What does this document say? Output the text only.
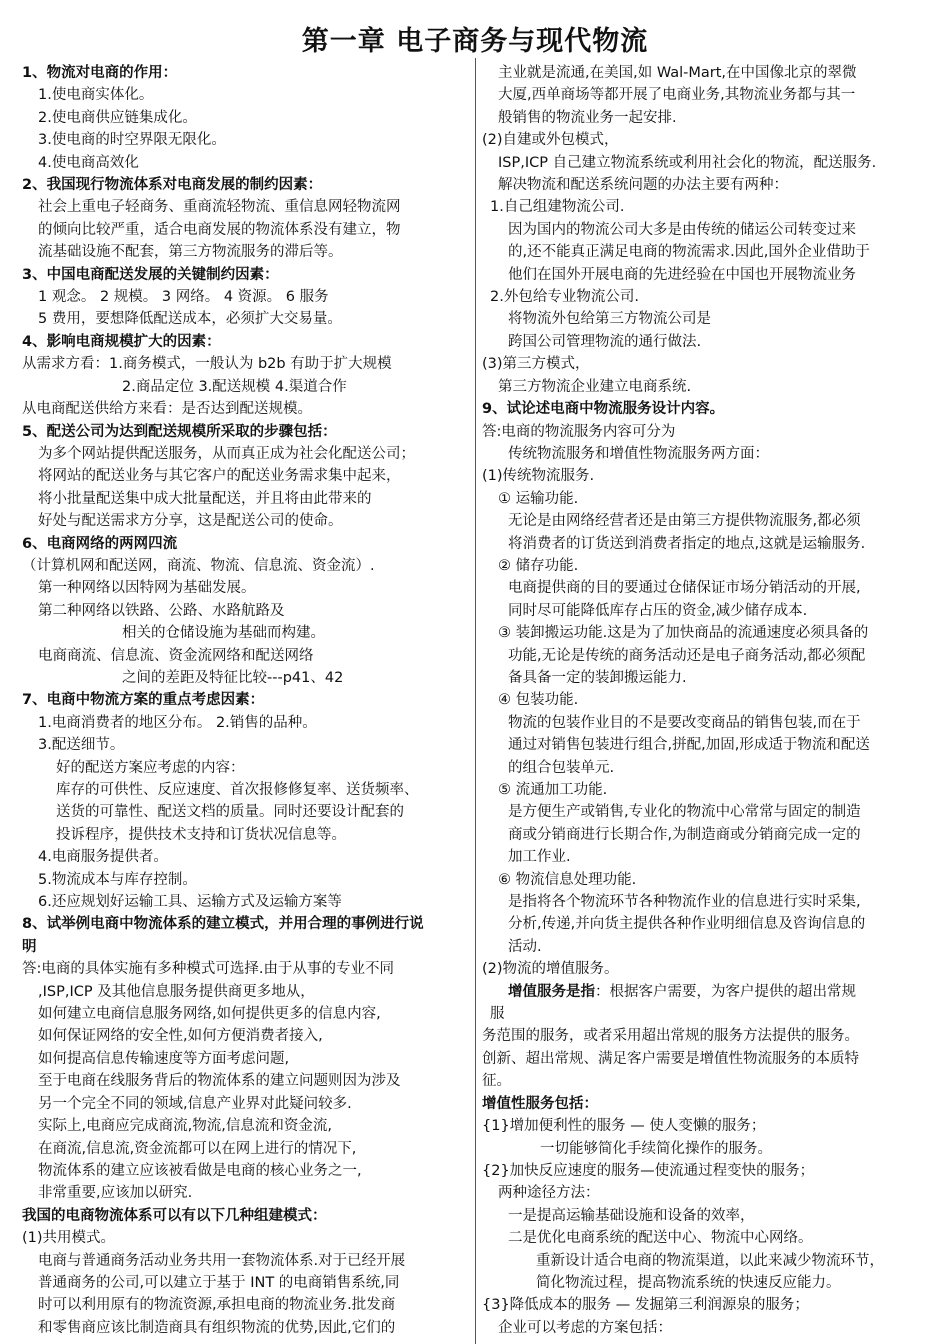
第一章 电子商务与现代物流
1、物流对电商的作用：
1.使电商实体化。
2.使电商供应链集成化。
3.使电商的时空界限无限化。
4.使电商高效化
2、我国现行物流体系对电商发展的制约因素：
社会上重电子轻商务、重商流轻物流、重信息网轻物流网
的倾向比较严重，适合电商发展的物流体系没有建立，物
流基础设施不配套，第三方物流服务的滞后等。
3、中国电商配送发展的关键制约因素：
1 观念。 2 规模。 3 网络。 4 资源。 6 服务
5 费用，要想降低配送成本，必须扩大交易量。
4、影响电商规模扩大的因素：
从需求方看：1.商务模式，一般认为 b2b 有助于扩大规模
2.商品定位 3.配送规模 4.渠道合作
从电商配送供给方来看：是否达到配送规模。
5、配送公司为达到配送规模所采取的步骤包括：
为多个网站提供配送服务，从而真正成为社会化配送公司；
将网站的配送业务与其它客户的配送业务需求集中起来，
将小批量配送集中成大批量配送，并且将由此带来的
好处与配送需求方分享，这是配送公司的使命。
6、电商网络的两网四流
（计算机网和配送网，商流、物流、信息流、资金流）.
第一种网络以因特网为基础发展。
第二种网络以铁路、公路、水路航路及
相关的仓储设施为基础而构建。
电商商流、信息流、资金流网络和配送网络
之间的差距及特征比较---p41、42
7、电商中物流方案的重点考虑因素：
1.电商消费者的地区分布。 2.销售的品种。
3.配送细节。
好的配送方案应考虑的内容：
库存的可供性、反应速度、首次报修修复率、送货频率、
送货的可靠性、配送文档的质量。同时还要设计配套的
投诉程序，提供技术支持和订货状况信息等。
4.电商服务提供者。
5.物流成本与库存控制。
6.还应规划好运输工具、运输方式及运输方案等
8、试举例电商中物流体系的建立模式，并用合理的事例进行说
明
答:电商的具体实施有多种模式可选择.由于从事的专业不同
,ISP,ICP 及其他信息服务提供商更多地从，
如何建立电商信息服务网络,如何提供更多的信息内容,
如何保证网络的安全性,如何方便消费者接入,
如何提高信息传输速度等方面考虑问题,
至于电商在线服务背后的物流体系的建立问题则因为涉及
另一个完全不同的领域,信息产业界对此疑问较多.
实际上,电商应完成商流,物流,信息流和资金流,
在商流,信息流,资金流都可以在网上进行的情况下,
物流体系的建立应该被看做是电商的核心业务之一,
非常重要,应该加以研究.
我国的电商物流体系可以有以下几种组建模式：
(1)共用模式。
电商与普通商务活动业务共用一套物流体系.对于已经开展
普通商务的公司,可以建立于基于 INT 的电商销售系统,同
时可以利用原有的物流资源,承担电商的物流业务.批发商
和零售商应该比制造商具有组织物流的优势,因此,它们的
主业就是流通,在美国,如 Wal-Mart,在中国像北京的翠微
大厦,西单商场等都开展了电商业务,其物流业务都与其一
般销售的物流业务一起安排.
(2)自建或外包模式，
ISP,ICP 自己建立物流系统或利用社会化的物流，配送服务.
解决物流和配送系统问题的办法主要有两种：
1.自己组建物流公司.
因为国内的物流公司大多是由传统的储运公司转变过来
的,还不能真正满足电商的物流需求.因此,国外企业借助于
他们在国外开展电商的先进经验在中国也开展物流业务
2.外包给专业物流公司.
将物流外包给第三方物流公司是
跨国公司管理物流的通行做法.
(3)第三方模式，
第三方物流企业建立电商系统.
9、试论述电商中物流服务设计内容。
答:电商的物流服务内容可分为
传统物流服务和增值性物流服务两方面：
(1)传统物流服务.
① 运输功能.
无论是由网络经营者还是由第三方提供物流服务,都必须
将消费者的订货送到消费者指定的地点,这就是运输服务.
② 储存功能.
电商提供商的目的要通过仓储保证市场分销活动的开展,
同时尽可能降低库存占压的资金,减少储存成本.
③ 装卸搬运功能.这是为了加快商品的流通速度必须具备的
功能,无论是传统的商务活动还是电子商务活动,都必须配
备具备一定的装卸搬运能力.
④ 包装功能.
物流的包装作业目的不是要改变商品的销售包装,而在于
通过对销售包装进行组合,拼配,加固,形成适于物流和配送
的组合包装单元.
⑤ 流通加工功能.
是方便生产或销售,专业化的物流中心常常与固定的制造
商或分销商进行长期合作,为制造商或分销商完成一定的
加工作业.
⑥ 物流信息处理功能.
是指将各个物流环节各种物流作业的信息进行实时采集,
分析,传递,并向货主提供各种作业明细信息及咨询信息的
活动.
(2)物流的增值服务。
增值服务是指：根据客户需要，为客户提供的超出常规
服
务范围的服务，或者采用超出常规的服务方法提供的服务。
创新、超出常规、满足客户需要是增值性物流服务的本质特
征。
增值性服务包括：
{1}增加便利性的服务 — 使人变懒的服务；
一切能够简化手续简化操作的服务。
{2}加快反应速度的服务—使流通过程变快的服务；
两种途径方法：
一是提高运输基础设施和设备的效率，
二是优化电商系统的配送中心、物流中心网络。
重新设计适合电商的物流渠道，以此来减少物流环节，
简化物流过程，提高物流系统的快速反应能力。
{3}降低成本的服务 — 发掘第三利润源泉的服务；
企业可以考虑的方案包括：
